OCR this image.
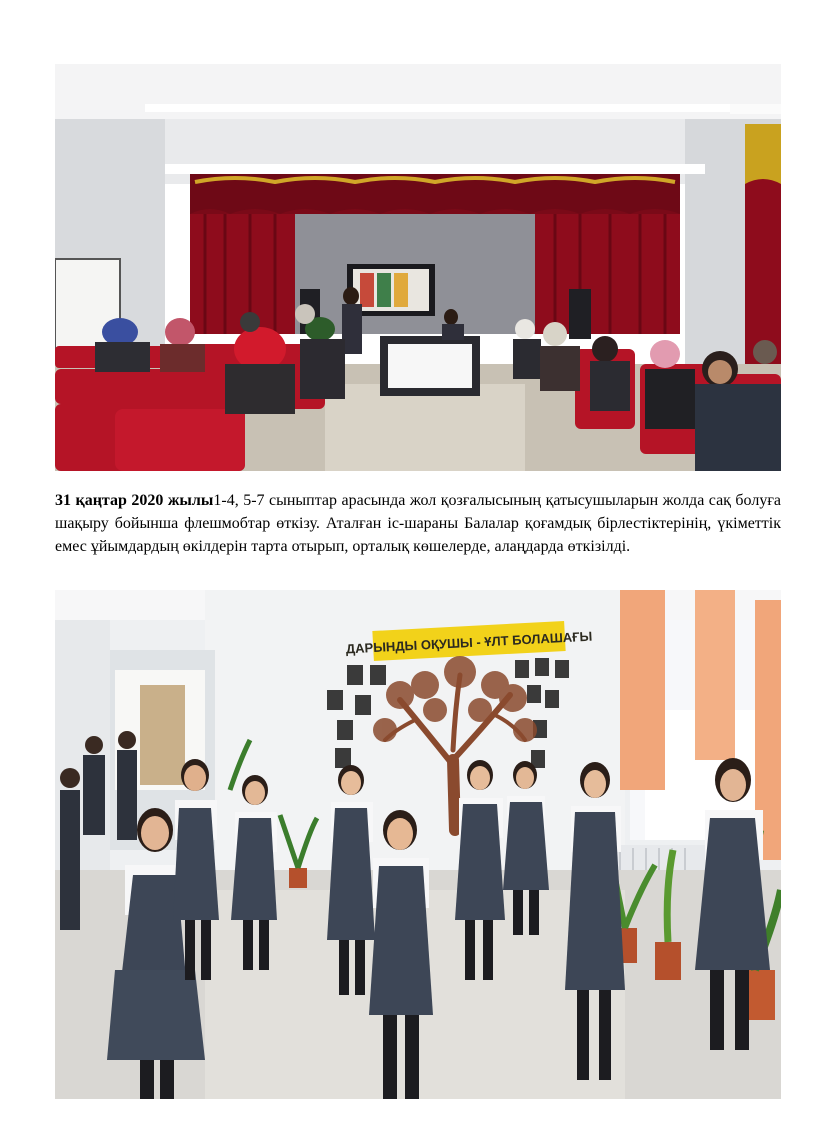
31 қаңтар 2020 жылы1-4, 5-7 сыныптар арасында жол қозғалысының қатысушыларын жолда сақ болуға шақыру бойынша флешмобтар өткізу. Аталған іс-шараны Балалар қоғамдық бірлестіктерінің, үкіметтік емес ұйымдардың өкілдерін тарта отырып, орталық көшелерде, алаңдарда өткізілді.
ДАРЫНДЫ ОҚУШЫ - ҰЛТ БОЛАШАҒЫ
